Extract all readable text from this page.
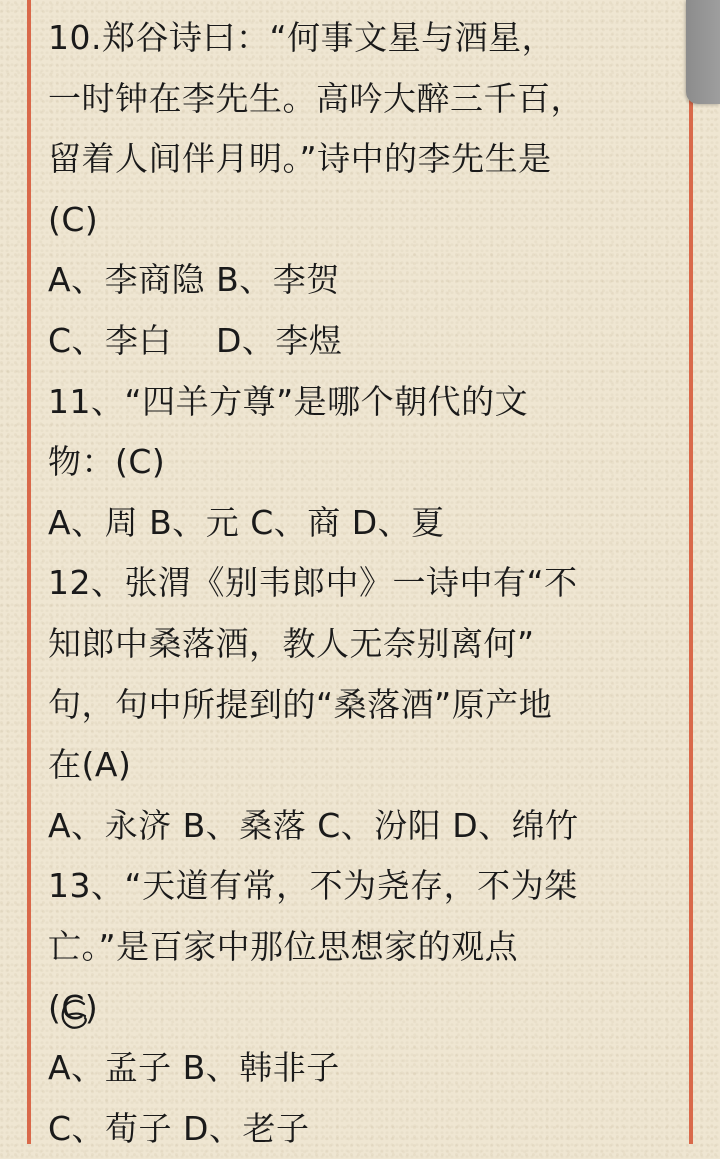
10.郑谷诗曰：“何事文星与酒星，
一时钟在李先生。高吟大醉三千百，
留着人间伴月明。”诗中的李先生是
(C)
A、李商隐 B、李贺
C、李白    D、李煜
11、“四羊方尊”是哪个朝代的文
物：(C)
A、周 B、元 C、商 D、夏
12、张渭《别韦郎中》一诗中有“不
知郎中桑落酒，教人无奈别离何”
句，句中所提到的“桑落酒”原产地
在(A)
A、永济 B、桑落 C、汾阳 D、绵竹
13、“天道有常，不为尧存，不为桀
亡。”是百家中那位思想家的观点
(C)
A、孟子 B、韩非子
C、荀子 D、老子
